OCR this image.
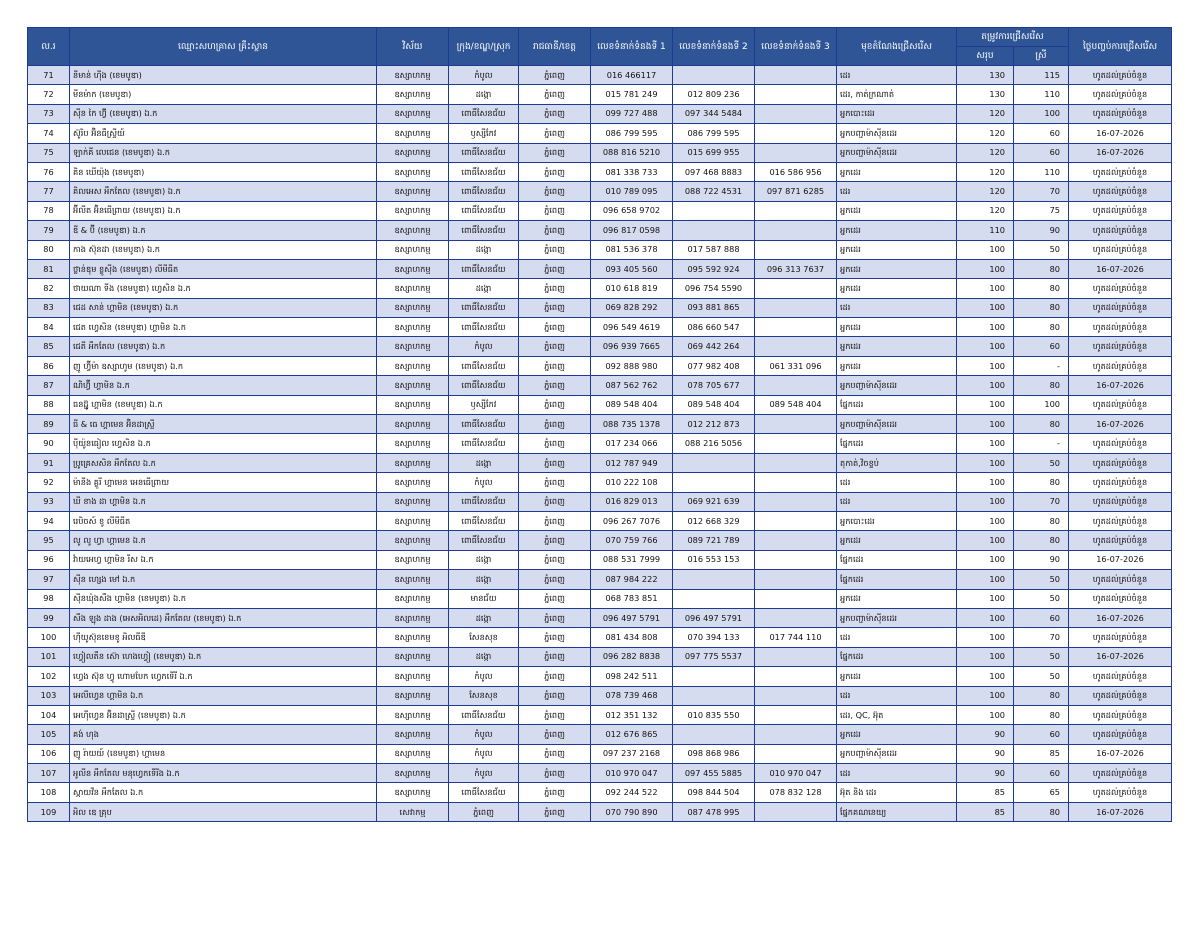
ល.រ	ឈ្មោះសហគ្រាស គ្រឹះស្ថាន	វិស័យ	ក្រុង/ខណ្ឌ/ស្រុក	រាជធានី/ខេត្ត	លេខទំនាក់ទំនងទី 1	លេខទំនាក់ទំនងទី 2	លេខទំនាក់ទំនងទី 3	មុខតំណែងជ្រើសរើស	តម្រូវការជ្រើសរើស		ថ្ងៃបញ្ចប់ការជ្រើសរើស
									សរុប	ស្រី	
71	នីមាន់ ហ៊ីង (ខេមបូឌា)	ឧស្សាហកម្ម	កំបូល	ភ្នំពេញ	016 466117			ដេរ	130	115	ហូតដល់គ្រប់ចំនួន
72	មីនម៉ាក (ខេមបូឌា)	ឧស្សាហកម្ម	ដង្កោ	ភ្នំពេញ	015 781 249	012 809 236		ដេរ, កាត់ក្រណាត់	130	110	ហូតដល់គ្រប់ចំនួន
73	ស៊ីន កៃ ហ៊្វី (ខេមបូឌា) ឯ.ក	ឧស្សាហកម្ម	ពោធិ៍សែនជ័យ	ភ្នំពេញ	099 727 488	097 344 5484		អ្នកបោះដេរ	120	100	ហូតដល់គ្រប់ចំនួន
74	ស៊ូរិប អ៊ិនធឺស្ទ្រីយ៍	ឧស្សាហកម្ម	ឫស្សីកែវ	ភ្នំពេញ	086 799 595	086 799 595		អ្នកបញ្ជាម៉ាស៊ីនដេរ	120	60	16-07-2026
75	ឡាក់គី លេជេន (ខេមបូឌា) ឯ.ក	ឧស្សាហកម្ម	ពោធិ៍សែនជ័យ	ភ្នំពេញ	088 816 5210	015 699 955		អ្នកបញ្ជាម៉ាស៊ីនដេរ	120	60	16-07-2026
76	គិន ឃើយ៉ុង (ខេមបូឌា)	ឧស្សាហកម្ម	ពោធិ៍សែនជ័យ	ភ្នំពេញ	081 338 733	097 468 8883	016 586 956	អ្នកដេរ	120	110	ហូតដល់គ្រប់ចំនួន
77	គិលអេស អឹកតែល (ខេមបូឌា) ឯ.ក	ឧស្សាហកម្ម	ពោធិ៍សែនជ័យ	ភ្នំពេញ	010 789 095	088 722 4531	097 871 6285	ដេរ	120	70	ហូតដល់គ្រប់ចំនួន
78	អ៊ីលីត អ៊ិនធើព្រាយ (ខេមបូឌា) ឯ.ក	ឧស្សាហកម្ម	ពោធិ៍សែនជ័យ	ភ្នំពេញ	096 658 9702			អ្នកដេរ	120	75	ហូតដល់គ្រប់ចំនួន
79	ឌី & ប៊ី (ខេមបូឌា) ឯ.ក	ឧស្សាហកម្ម	ពោធិ៍សែនជ័យ	ភ្នំពេញ	096 817 0598			អ្នកដេរ	110	90	ហូតដល់គ្រប់ចំនួន
80	កាង ស៊ុនដា (ខេមបូឌា) ឯ.ក	ឧស្សាហកម្ម	ដង្កោ	ភ្នំពេញ	081 536 378	017 587 888		អ្នកដេរ	100	50	ហូតដល់គ្រប់ចំនួន
81	ថ្លាន់ឌុម ខ្លូស៊ីង (ខេមបូឌា) លីមីធីត	ឧស្សាហកម្ម	ពោធិ៍សែនជ័យ	ភ្នំពេញ	093 405 560	095 592 924	096 313 7637	អ្នកដេរ	100	80	16-07-2026
82	ថាយណា ទីង (ខេមបូឌា) ហ្វេសិន ឯ.ក	ឧស្សាហកម្ម	ដង្កោ	ភ្នំពេញ	010 618 819	096 754 5590		អ្នកដេរ	100	80	ហូតដល់គ្រប់ចំនួន
83	ជេដ សាន់ ហ្គាមិន (ខេមបូឌា) ឯ.ក	ឧស្សាហកម្ម	ពោធិ៍សែនជ័យ	ភ្នំពេញ	069 828 292	093 881 865		ដេរ	100	80	ហូតដល់គ្រប់ចំនួន
84	ជេត ហ្វេសិន (ខេមបូឌា) ហ្គាមិន ឯ.ក	ឧស្សាហកម្ម	ពោធិ៍សែនជ័យ	ភ្នំពេញ	096 549 4619	086 660 547		អ្នកដេរ	100	80	ហូតដល់គ្រប់ចំនួន
85	ជេតី អឹកតែល (ខេមបូឌា) ឯ.ក	ឧស្សាហកម្ម	កំបូល	ភ្នំពេញ	096 939 7665	069 442 264		អ្នកដេរ	100	60	ហូតដល់គ្រប់ចំនួន
86	ញូ ហ្វ៊ីម៉ា ឧស្សាហូម (ខេមបូឌា) ឯ.ក	ឧស្សាហកម្ម	ពោធិ៍សែនជ័យ	ភ្នំពេញ	092 888 980	077 982 408	061 331 096	អ្នកដេរ	100	-	ហូតដល់គ្រប់ចំនួន
87	ណិហ្វ៊ី ហ្គាមិន ឯ.ក	ឧស្សាហកម្ម	ពោធិ៍សែនជ័យ	ភ្នំពេញ	087 562 762	078 705 677		អ្នកបញ្ជាម៉ាស៊ីនដេរ	100	80	16-07-2026
88	ធនដ្ហ៊ូ ហ្គាមិន (ខេមបូឌា) ឯ.ក	ឧស្សាហកម្ម	ឫស្សីកែវ	ភ្នំពេញ	089 548 404	089 548 404	089 548 404	ផ្នែកដេរ	100	100	ហូតដល់គ្រប់ចំនួន
89	ធី & ធេ ហ្គាមេន អ៊ិនដាស្ទ្រី	ឧស្សាហកម្ម	ពោធិ៍សែនជ័យ	ភ្នំពេញ	088 735 1378	012 212 873		អ្នកបញ្ជាម៉ាស៊ីនដេរ	100	80	16-07-2026
90	ប៉ីយ៉ូនធៀល ហ្វេសិន ឯ.ក	ឧស្សាហកម្ម	ពោធិ៍សែនជ័យ	ភ្នំពេញ	017 234 066	088 216 5056		ផ្នែកដេរ	100	-	ហូតដល់គ្រប់ចំនួន
91	ប្រូគ្រេសសិន អឹកតែល ឯ.ក	ឧស្សាហកម្ម	ដង្កោ	ភ្នំពេញ	012 787 949			តុកាត់,វិចខ្ចប់	100	50	ហូតដល់គ្រប់ចំនួន
92	ម៉ានីង គ្លូរី ហ្គាមេន អេនធើព្រាយ	ឧស្សាហកម្ម	កំបូល	ភ្នំពេញ	010 222 108			ដេរ	100	80	ហូតដល់គ្រប់ចំនួន
93	ឃី ខាង ដា ហ្គាមិន ឯ.ក	ឧស្សាហកម្ម	ពោធិ៍សែនជ័យ	ភ្នំពេញ	016 829 013	069 921 639		ដេរ	100	70	ហូតដល់គ្រប់ចំនួន
94	រេបិចស៍ ខូ លីមីធីត	ឧស្សាហកម្ម	ពោធិ៍សែនជ័យ	ភ្នំពេញ	096 267 7076	012 668 329		អ្នកបោះដេរ	100	80	ហូតដល់គ្រប់ចំនួន
95	លូ លូ ហ្វា ហ្គាមេន ឯ.ក	ឧស្សាហកម្ម	ពោធិ៍សែនជ័យ	ភ្នំពេញ	070 759 766	089 721 789		អ្នកដេរ	100	80	ហូតដល់គ្រប់ចំនួន
96	វ៉ាយអេហ្វ ហ្គាមិន រីស ឯ.ក	ឧស្សាហកម្ម	ដង្កោ	ភ្នំពេញ	088 531 7999	016 553 153		ផ្នែកដេរ	100	90	16-07-2026
97	ស៊ីន ហ្សេង មៅ ឯ.ក	ឧស្សាហកម្ម	ដង្កោ	ភ្នំពេញ	087 984 222			ផ្នែកដេរ	100	50	ហូតដល់គ្រប់ចំនួន
98	ស៊ីនឃ៉ុងសឹង ហ្គាមិន (ខេមបូឌា) ឯ.ក	ឧស្សាហកម្ម	មានជ័យ	ភ្នំពេញ	068 783 851			អ្នកដេរ	100	50	ហូតដល់គ្រប់ចំនួន
99	សឹង ឡុង ដាង (អេសអិលដេ) អឹកតែល (ខេមបូឌា) ឯ.ក	ឧស្សាហកម្ម	ដង្កោ	ភ្នំពេញ	096 497 5791	096 497 5791		អ្នកបញ្ជាម៉ាស៊ីនដេរ	100	60	16-07-2026
100	ហ៊ីយូស៊ុនខេមខូ អិលធីឌី	ឧស្សាហកម្ម	សែនសុខ	ភ្នំពេញ	081 434 808	070 394 133	017 744 110	ដេរ	100	70	ហូតដល់គ្រប់ចំនួន
101	ហ្វៀលតឹន ស៊ោ ហេងហ្វៀ (ខេមបូឌា) ឯ.ក	ឧស្សាហកម្ម	ដង្កោ	ភ្នំពេញ	096 282 8838	097 775 5537		ផ្នែកដេរ	100	50	16-07-2026
102	ហ្វេង ស៊ុន ហ្វូ ហោមបែក ហ្វេកទើរី ឯ.ក	ឧស្សាហកម្ម	កំបូល	ភ្នំពេញ	098 242 511			អ្នកដេរ	100	50	ហូតដល់គ្រប់ចំនួន
103	អេលីហ្វេន ហ្គាមិន ឯ.ក	ឧស្សាហកម្ម	សែនសុខ	ភ្នំពេញ	078 739 468			ដេរ	100	80	ហូតដល់គ្រប់ចំនួន
104	អេហ៊ីហ្វេន អ៊ិនដាស្ទ្រី (ខេមបូឌា) ឯ.ក	ឧស្សាហកម្ម	ពោធិ៍សែនជ័យ	ភ្នំពេញ	012 351 132	010 835 550		ដេរ, QC, អ៊ុត	100	80	ហូតដល់គ្រប់ចំនួន
105	គង់ ហុង	ឧស្សាហកម្ម	កំបូល	ភ្នំពេញ	012 676 865			អ្នកដេរ	90	60	ហូតដល់គ្រប់ចំនួន
106	ញូ រ៉ាយយ៍ (ខេមបូឌា) ហ្គាមេន	ឧស្សាហកម្ម	កំបូល	ភ្នំពេញ	097 237 2168	098 868 986		អ្នកបញ្ជាម៉ាស៊ីនដេរ	90	85	16-07-2026
107	អូលីន អឹកតែល មនុហ្វេកទើរីង ឯ.ក	ឧស្សាហកម្ម	កំបូល	ភ្នំពេញ	010 970 047	097 455 5885	010 970 047	ដេរ	90	60	ហូតដល់គ្រប់ចំនួន
108	ស្កាយវីន អឹកតែល ឯ.ក	ឧស្សាហកម្ម	ពោធិ៍សែនជ័យ	ភ្នំពេញ	092 244 522	098 844 504	078 832 128	អ៊ុត និង ដេរ	85	65	ហូតដល់គ្រប់ចំនួន
109	អិល ឌេ គ្រុប	សេវាកម្ម	ភ្នំពេញ	ភ្នំពេញ	070 790 890	087 478 995		ផ្នែកគណនេយ្យ	85	80	16-07-2026
